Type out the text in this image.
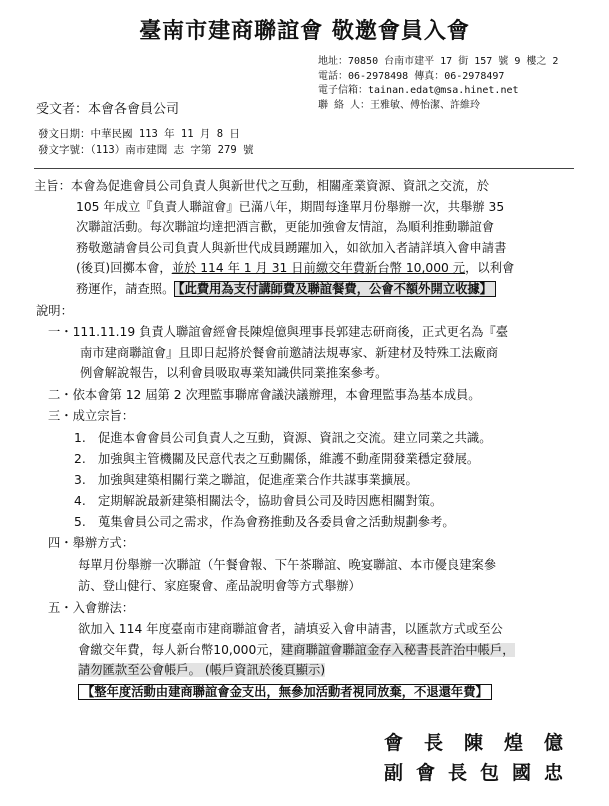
臺南市建商聯誼會 敬邀會員入會
地址：70850 台南市建平 17 街 157 號 9 樓之 2
電話：06-2978498 傳真：06-2978497
電子信箱：tainan.edat@msa.hinet.net
聯 絡 人：王雅敏、傅怡潔、許維玲
受文者：本會各會員公司
發文日期：中華民國 113 年 11 月 8 日
發文字號：（113）南市建聞 志 字第 279 號
主旨：本會為促進會員公司負責人與新世代之互動，相關產業資源、資訊之交流，於
105 年成立『負責人聯誼會』已滿八年，期間每逢單月份舉辦一次，共舉辦 35
次聯誼活動。每次聯誼均達把酒言歡，更能加強會友情誼，為順利推動聯誼會
務敬邀請會員公司負責人與新世代成員踴躍加入，如欲加入者請詳填入會申請書
(後頁)回擲本會，並於 114 年 1 月 31 日前繳交年費新台幣 10,000 元，以利會
務運作，請查照。 【此費用為支付講師費及聯誼餐費，公會不額外開立收據】
說明：
一・111.11.19 負責人聯誼會經會長陳煌億與理事長郭建志研商後，正式更名為『臺
南市建商聯誼會』且即日起將於餐會前邀請法規專家、新建材及特殊工法廠商
例會解說報告，以利會員吸取專業知識供同業推案參考。
二・依本會第 12 屆第 2 次理監事聯席會議決議辦理，本會理監事為基本成員。
三・成立宗旨：
1.　促進本會會員公司負責人之互動，資源、資訊之交流。建立同業之共識。
2.　加強與主管機關及民意代表之互動關係，維護不動產開發業穩定發展。
3.　加強與建築相關行業之聯誼，促進產業合作共謀事業擴展。
4.　定期解說最新建築相關法令，協助會員公司及時因應相關對策。
5.　蒐集會員公司之需求，作為會務推動及各委員會之活動規劃參考。
四・舉辦方式：
每單月份舉辦一次聯誼（午餐會報、下午茶聯誼、晚宴聯誼、本市優良建案參
訪、登山健行、家庭聚會、產品說明會等方式舉辦）
五・入會辦法：
欲加入 114 年度臺南市建商聯誼會者，請填妥入會申請書，以匯款方式或至公
會繳交年費，每人新台幣10,000元，建商聯誼會聯誼金存入秘書長許治中帳戶，
請勿匯款至公會帳戶。 (帳戶資訊於後頁顯示)
【整年度活動由建商聯誼會金支出，無參加活動者視同放棄，不退還年費】
會 長 陳 煌 億
副 會 長 包 國 忠
